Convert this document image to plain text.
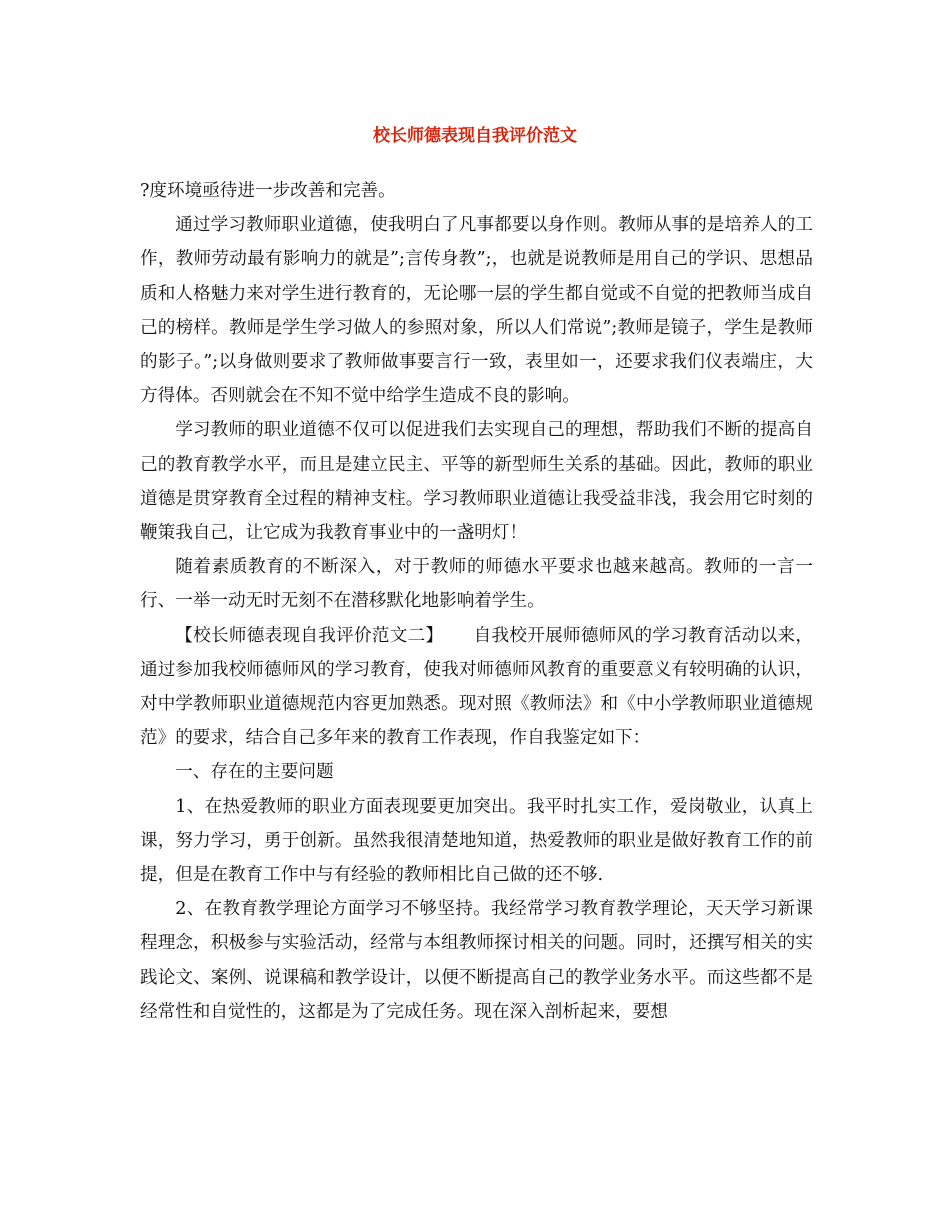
校长师德表现自我评价范文

?度环境亟待进一步改善和完善。

通过学习教师职业道德，使我明白了凡事都要以身作则。教师从事的是培养人的工作，教师劳动最有影响力的就是”;言传身教”;，也就是说教师是用自己的学识、思想品质和人格魅力来对学生进行教育的，无论哪一层的学生都自觉或不自觉的把教师当成自己的榜样。教师是学生学习做人的参照对象，所以人们常说”;教师是镜子，学生是教师的影子。”;以身做则要求了教师做事要言行一致，表里如一，还要求我们仪表端庄，大方得体。否则就会在不知不觉中给学生造成不良的影响。

学习教师的职业道德不仅可以促进我们去实现自己的理想，帮助我们不断的提高自己的教育教学水平，而且是建立民主、平等的新型师生关系的基础。因此，教师的职业道德是贯穿教育全过程的精神支柱。学习教师职业道德让我受益非浅，我会用它时刻的鞭策我自己，让它成为我教育事业中的一盏明灯！

随着素质教育的不断深入，对于教师的师德水平要求也越来越高。教师的一言一行、一举一动无时无刻不在潜移默化地影响着学生。

【校长师德表现自我评价范文二】 自我校开展师德师风的学习教育活动以来，通过参加我校师德师风的学习教育，使我对师德师风教育的重要意义有较明确的认识，对中学教师职业道德规范内容更加熟悉。现对照《教师法》和《中小学教师职业道德规范》的要求，结合自己多年来的教育工作表现，作自我鉴定如下：

一、存在的主要问题

1、在热爱教师的职业方面表现要更加突出。我平时扎实工作，爱岗敬业，认真上课，努力学习，勇于创新。虽然我很清楚地知道，热爱教师的职业是做好教育工作的前提，但是在教育工作中与有经验的教师相比自己做的还不够.

2、在教育教学理论方面学习不够坚持。我经常学习教育教学理论，天天学习新课程理念，积极参与实验活动，经常与本组教师探讨相关的问题。同时，还撰写相关的实践论文、案例、说课稿和教学设计，以便不断提高自己的教学业务水平。而这些都不是经常性和自觉性的，这都是为了完成任务。现在深入剖析起来，要想
